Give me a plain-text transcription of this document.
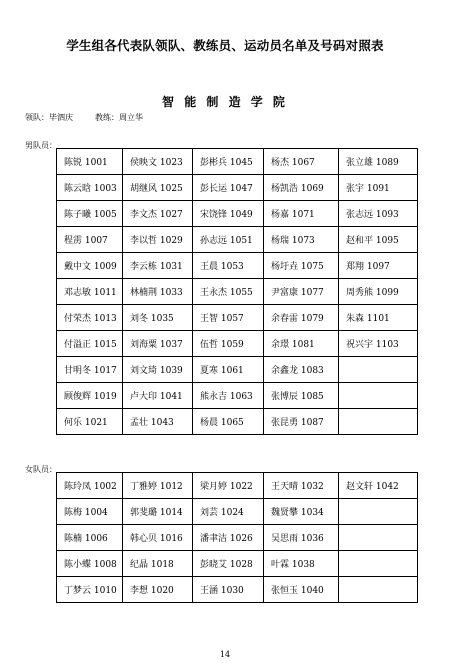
学生组各代表队领队、教练员、运动员名单及号码对照表
智 能 制 造 学 院
领队：毕泗庆	教练：周立华
男队员：
陈锐 1001	侯映文 1023	彭彬兵 1045	杨杰 1067	张立雄 1089
陈云晗 1003	胡继风 1025	彭长运 1047	杨凯浩 1069	张宇 1091
陈子曦 1005	李文杰 1027	宋饶锋 1049	杨嘉 1071	张志远 1093
程雳 1007	李以哲 1029	孙志远 1051	杨瑞 1073	赵和平 1095
戴中文 1009	李云栋 1031	王晨 1053	杨圩垚 1075	郑翔 1097
邓志敏 1011	林楠荆 1033	王永杰 1055	尹富康 1077	周秀熊 1099
付荣杰 1013	刘冬 1035	王智 1057	余春雷 1079	朱森 1101
付溢正 1015	刘海粟 1037	伍哲 1059	余璟 1081	祝兴宇 1103
甘明冬 1017	刘文琦 1039	夏寒 1061	余鑫龙 1083	
顾俊辉 1019	卢大印 1041	熊永吉 1063	张博辰 1085	
何乐 1021	孟壮 1043	杨晨 1065	张昆勇 1087	
女队员：
陈玲凤 1002	丁雅婷 1012	梁月婷 1022	王天晴 1032	赵文轩 1042
陈梅 1004	郭斐璐 1014	刘芸 1024	魏贤攀 1034	
陈楠 1006	韩心贝 1016	潘聿洁 1026	吴思雨 1036	
陈小蝶 1008	纪晶 1018	彭晓艾 1028	叶霖 1038	
丁梦云 1010	李想 1020	王涵 1030	张恒玉 1040	
14
